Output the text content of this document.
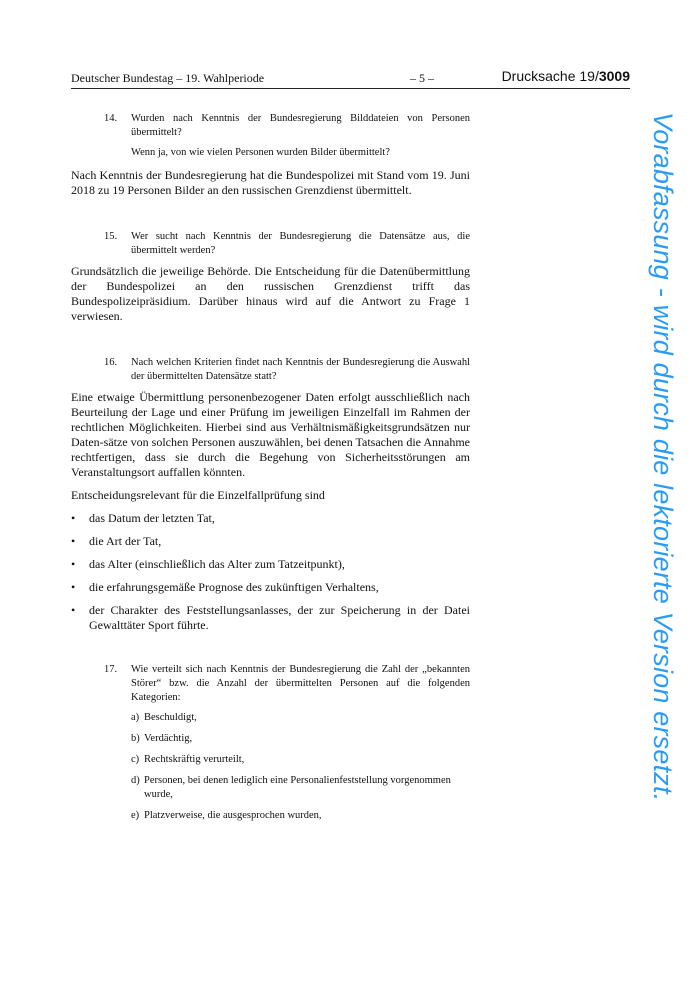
Deutscher Bundestag – 19. Wahlperiode	– 5 –	Drucksache 19/3009
14.	Wurden nach Kenntnis der Bundesregierung Bilddateien von Personen übermittelt?
Wenn ja, von wie vielen Personen wurden Bilder übermittelt?

Nach Kenntnis der Bundesregierung hat die Bundespolizei mit Stand vom 19. Juni 2018 zu 19 Personen Bilder an den russischen Grenzdienst übermittelt.

15.	Wer sucht nach Kenntnis der Bundesregierung die Datensätze aus, die übermittelt werden?

Grundsätzlich die jeweilige Behörde. Die Entscheidung für die Datenübermittlung der Bundespolizei an den russischen Grenzdienst trifft das Bundespolizeipräsidium. Darüber hinaus wird auf die Antwort zu Frage 1 verwiesen.

16.	Nach welchen Kriterien findet nach Kenntnis der Bundesregierung die Auswahl der übermittelten Datensätze statt?

Eine etwaige Übermittlung personenbezogener Daten erfolgt ausschließlich nach Beurteilung der Lage und einer Prüfung im jeweiligen Einzelfall im Rahmen der rechtlichen Möglichkeiten. Hierbei sind aus Verhältnismäßigkeitsgrundsätzen nur Daten-sätze von solchen Personen auszuwählen, bei denen Tatsachen die Annahme rechtfertigen, dass sie durch die Begehung von Sicherheitsstörungen am Veranstaltungsort auffallen könnten.

Entscheidungsrelevant für die Einzelfallprüfung sind

•	das Datum der letzten Tat,
•	die Art der Tat,
•	das Alter (einschließlich das Alter zum Tatzeitpunkt),
•	die erfahrungsgemäße Prognose des zukünftigen Verhaltens,
•	der Charakter des Feststellungsanlasses, der zur Speicherung in der Datei Gewalttäter Sport führte.
17.	Wie verteilt sich nach Kenntnis der Bundesregierung die Zahl der „bekannten Störer“ bzw. die Anzahl der übermittelten Personen auf die folgenden Kategorien:
a) Beschuldigt,
b) Verdächtig,
c) Rechtskräftig verurteilt,
d) Personen, bei denen lediglich eine Personalienfeststellung vorgenommen wurde,
e) Platzverweise, die ausgesprochen wurden,
Vorabfassung - wird durch die lektorierte Version ersetzt.
